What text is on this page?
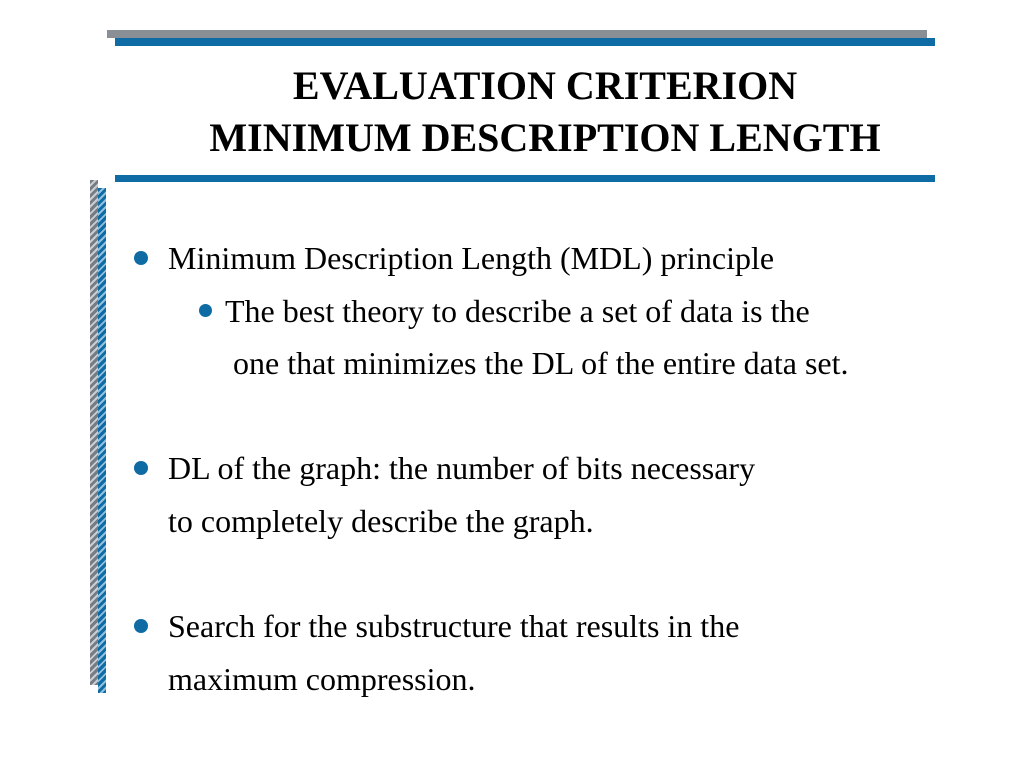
EVALUATION CRITERION
MINIMUM DESCRIPTION LENGTH
Minimum Description Length (MDL) principle
The best theory to describe a set of data is the
one that minimizes the DL of the entire data set.
DL of the graph: the number of bits necessary
to completely describe the graph.
Search for the substructure that results in the
maximum compression.
